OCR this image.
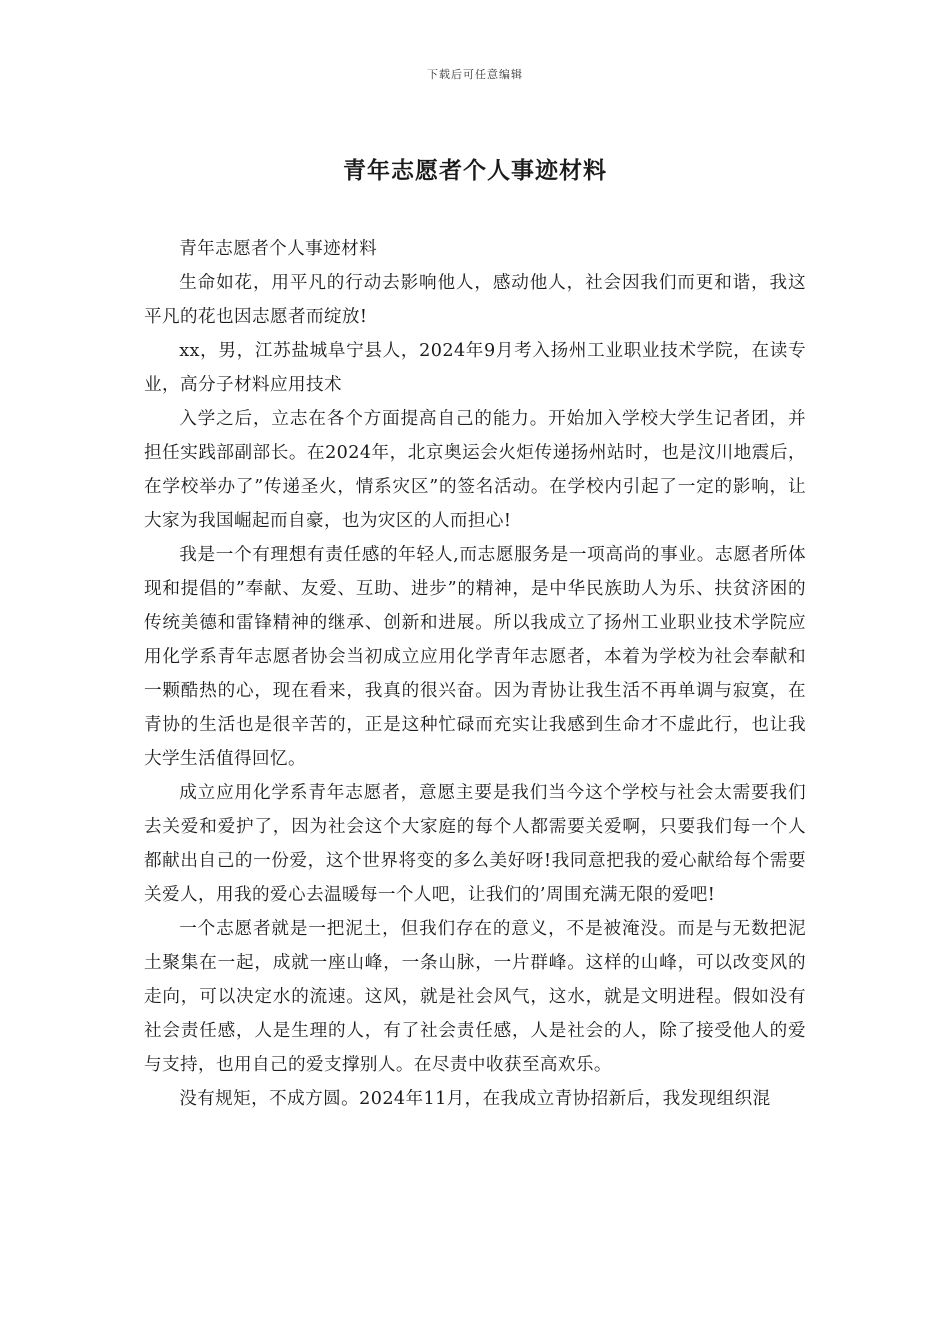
下载后可任意编辑
青年志愿者个人事迹材料

青年志愿者个人事迹材料

生命如花，用平凡的行动去影响他人，感动他人，社会因我们而更和谐，我这平凡的花也因志愿者而绽放!

xx，男，江苏盐城阜宁县人，2024年9月考入扬州工业职业技术学院，在读专业，高分子材料应用技术

入学之后，立志在各个方面提高自己的能力。开始加入学校大学生记者团，并担任实践部副部长。在2024年，北京奥运会火炬传递扬州站时，也是汶川地震后，在学校举办了”传递圣火，情系灾区”的签名活动。在学校内引起了一定的影响，让大家为我国崛起而自豪，也为灾区的人而担心!

我是一个有理想有责任感的年轻人,而志愿服务是一项高尚的事业。志愿者所体现和提倡的”奉献、友爱、互助、进步”的精神，是中华民族助人为乐、扶贫济困的传统美德和雷锋精神的继承、创新和进展。所以我成立了扬州工业职业技术学院应用化学系青年志愿者协会当初成立应用化学青年志愿者，本着为学校为社会奉献和一颗酷热的心，现在看来，我真的很兴奋。因为青协让我生活不再单调与寂寞，在青协的生活也是很辛苦的，正是这种忙碌而充实让我感到生命才不虚此行，也让我大学生活值得回忆。

成立应用化学系青年志愿者，意愿主要是我们当今这个学校与社会太需要我们去关爱和爱护了，因为社会这个大家庭的每个人都需要关爱啊，只要我们每一个人都献出自己的一份爱，这个世界将变的多么美好呀!我同意把我的爱心献给每个需要关爱人，用我的爱心去温暖每一个人吧，让我们的’周围充满无限的爱吧!

一个志愿者就是一把泥土，但我们存在的意义，不是被淹没。而是与无数把泥土聚集在一起，成就一座山峰，一条山脉，一片群峰。这样的山峰，可以改变风的走向，可以决定水的流速。这风，就是社会风气，这水，就是文明进程。假如没有社会责任感，人是生理的人，有了社会责任感，人是社会的人，除了接受他人的爱与支持，也用自己的爱支撑别人。在尽责中收获至高欢乐。

没有规矩，不成方圆。2024年11月，在我成立青协招新后，我发现组织混
